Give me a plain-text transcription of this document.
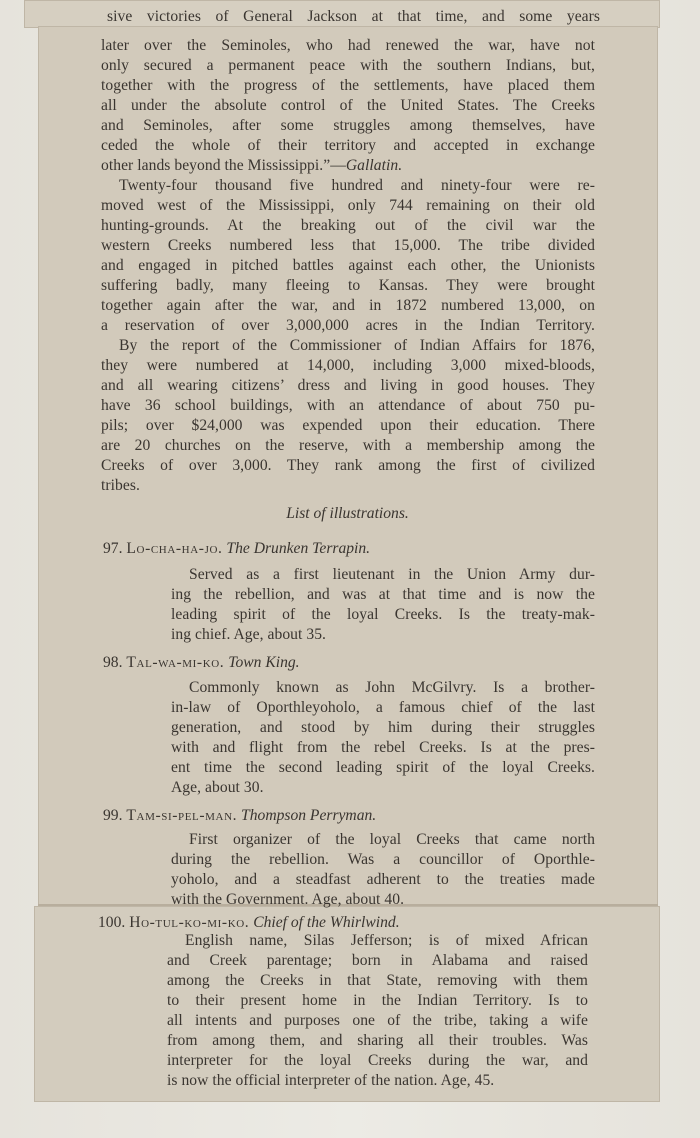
sive victories of General Jackson at that time, and some years
later over the Seminoles, who had renewed the war, have not
only secured a permanent peace with the southern Indians, but,
together with the progress of the settlements, have placed them
all under the absolute control of the United States. The Creeks
and Seminoles, after some struggles among themselves, have
ceded the whole of their territory and accepted in exchange
other lands beyond the Mississippi.”—Gallatin.
Twenty-four thousand five hundred and ninety-four were re-
moved west of the Mississippi, only 744 remaining on their old
hunting-grounds. At the breaking out of the civil war the
western Creeks numbered less that 15,000. The tribe divided
and engaged in pitched battles against each other, the Unionists
suffering badly, many fleeing to Kansas. They were brought
together again after the war, and in 1872 numbered 13,000, on
a reservation of over 3,000,000 acres in the Indian Territory.
By the report of the Commissioner of Indian Affairs for 1876,
they were numbered at 14,000, including 3,000 mixed-bloods,
and all wearing citizens’ dress and living in good houses. They
have 36 school buildings, with an attendance of about 750 pu-
pils; over $24,000 was expended upon their education. There
are 20 churches on the reserve, with a membership among the
Creeks of over 3,000. They rank among the first of civilized
tribes.
List of illustrations.
97. Lo-cha-ha-jo. The Drunken Terrapin.
Served as a first lieutenant in the Union Army dur-
ing the rebellion, and was at that time and is now the
leading spirit of the loyal Creeks. Is the treaty-mak-
ing chief. Age, about 35.
98. Tal-wa-mi-ko. Town King.
Commonly known as John McGilvry. Is a brother-
in-law of Oporthleyoholo, a famous chief of the last
generation, and stood by him during their struggles
with and flight from the rebel Creeks. Is at the pres-
ent time the second leading spirit of the loyal Creeks.
Age, about 30.
99. Tam-si-pel-man. Thompson Perryman.
First organizer of the loyal Creeks that came north
during the rebellion. Was a councillor of Oporthle-
yoholo, and a steadfast adherent to the treaties made
with the Government. Age, about 40.
100. Ho-tul-ko-mi-ko. Chief of the Whirlwind.
English name, Silas Jefferson; is of mixed African
and Creek parentage; born in Alabama and raised
among the Creeks in that State, removing with them
to their present home in the Indian Territory. Is to
all intents and purposes one of the tribe, taking a wife
from among them, and sharing all their troubles. Was
interpreter for the loyal Creeks during the war, and
is now the official interpreter of the nation. Age, 45.
